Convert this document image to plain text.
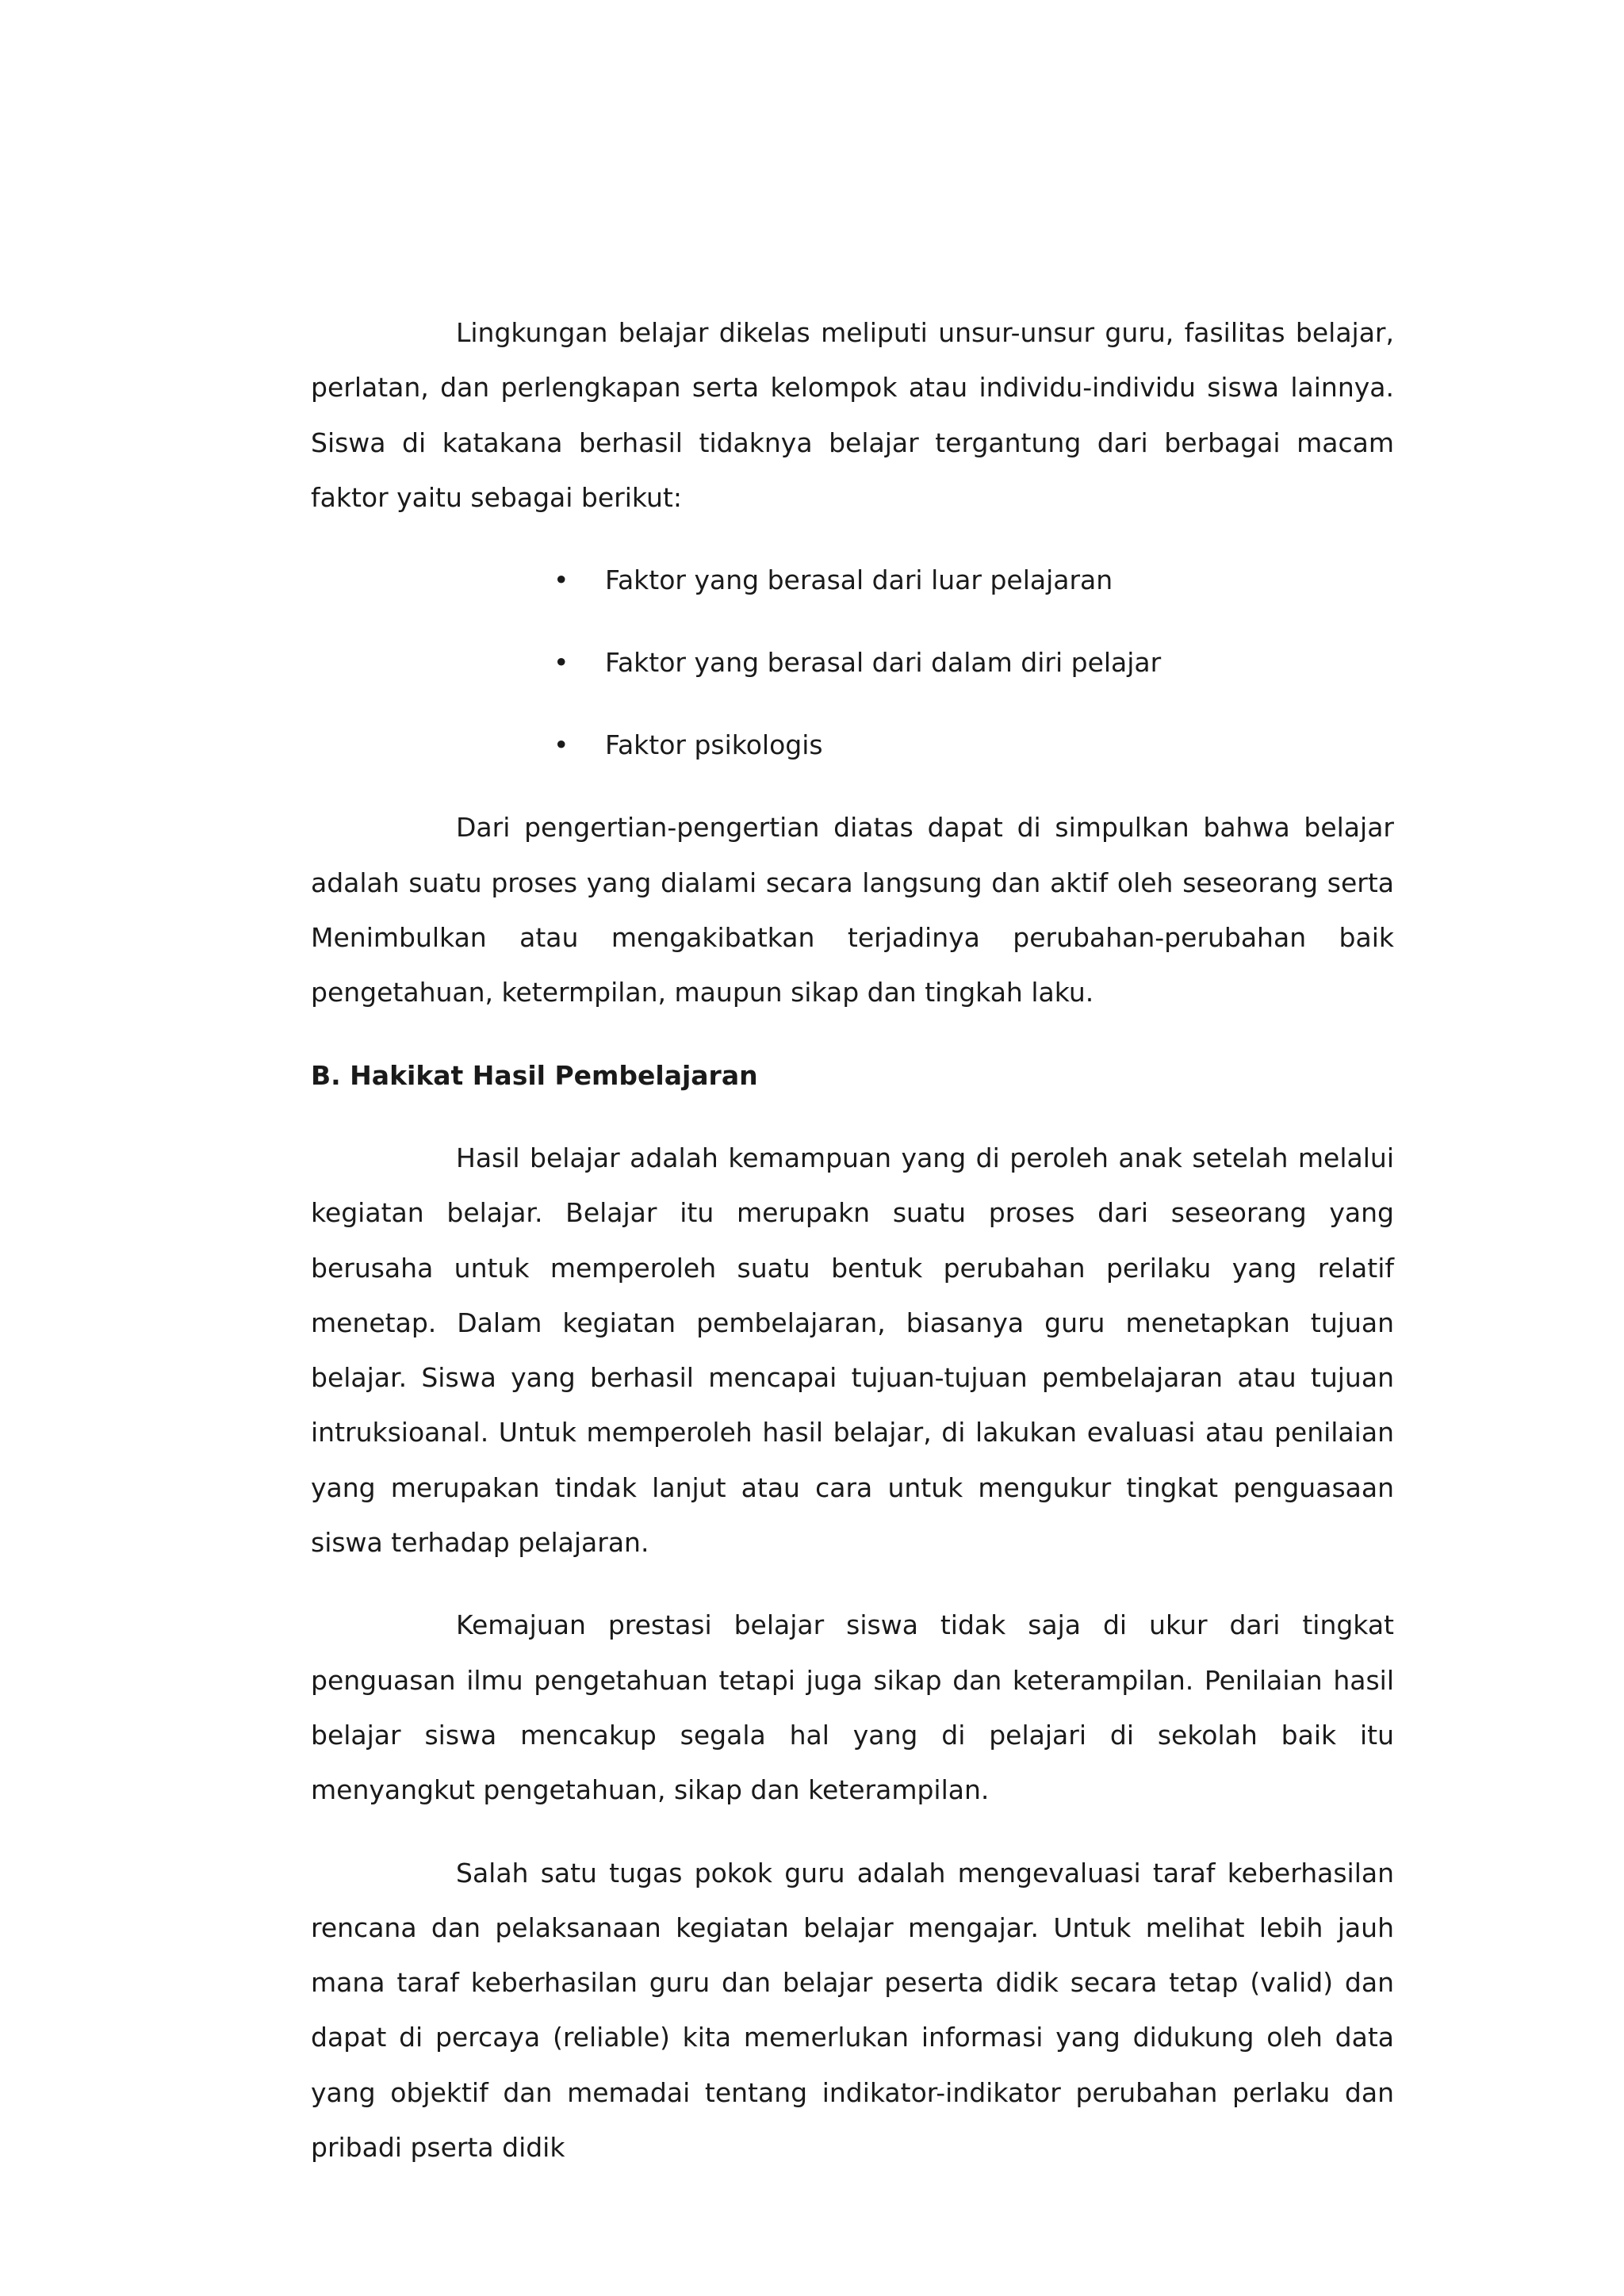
Lingkungan belajar dikelas meliputi unsur-unsur guru, fasilitas belajar, perlatan, dan perlengkapan serta kelompok atau individu-individu siswa lainnya. Siswa di katakana berhasil tidaknya belajar tergantung dari berbagai macam faktor yaitu sebagai berikut:

• Faktor yang berasal dari luar pelajaran
• Faktor yang berasal dari dalam diri pelajar
• Faktor psikologis

Dari pengertian-pengertian diatas dapat di simpulkan bahwa belajar adalah suatu proses yang dialami secara langsung dan aktif oleh seseorang serta Menimbulkan atau mengakibatkan terjadinya perubahan-perubahan baik pengetahuan, ketermpilan, maupun sikap dan tingkah laku.

B. Hakikat Hasil Pembelajaran

Hasil belajar adalah kemampuan yang di peroleh anak setelah melalui kegiatan belajar. Belajar itu merupakn suatu proses dari seseorang yang berusaha untuk memperoleh suatu bentuk perubahan perilaku yang relatif menetap. Dalam kegiatan pembelajaran, biasanya guru menetapkan tujuan belajar. Siswa yang berhasil mencapai tujuan-tujuan pembelajaran atau tujuan intruksioanal. Untuk memperoleh hasil belajar, di lakukan evaluasi atau penilaian yang merupakan tindak lanjut atau cara untuk mengukur tingkat penguasaan siswa terhadap pelajaran.

Kemajuan prestasi belajar siswa tidak saja di ukur dari tingkat penguasan ilmu pengetahuan tetapi juga sikap dan keterampilan. Penilaian hasil belajar siswa mencakup segala hal yang di pelajari di sekolah baik itu menyangkut pengetahuan, sikap dan keterampilan.

Salah satu tugas pokok guru adalah mengevaluasi taraf keberhasilan rencana dan pelaksanaan kegiatan belajar mengajar. Untuk melihat lebih jauh mana taraf keberhasilan guru dan belajar peserta didik secara tetap (valid) dan dapat di percaya (reliable) kita memerlukan informasi yang didukung oleh data yang objektif dan memadai tentang indikator-indikator perubahan perlaku dan pribadi pserta didik
